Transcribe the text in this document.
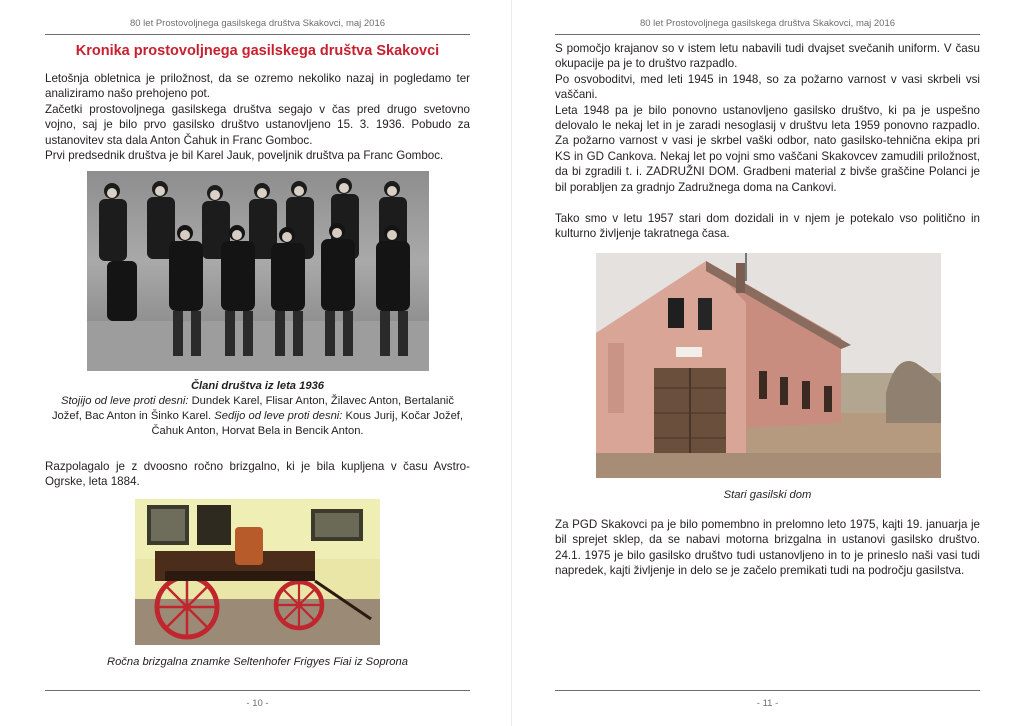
80 let Prostovoljnega gasilskega društva Skakovci, maj 2016
Kronika prostovoljnega gasilskega društva Skakovci

Letošnja obletnica je priložnost, da se ozremo nekoliko nazaj in pogledamo ter analiziramo našo prehojeno pot.

Začetki prostovoljnega gasilskega društva segajo v čas pred drugo svetovno vojno, saj je bilo prvo gasilsko društvo ustanovljeno 15. 3. 1936. Pobudo za ustanovitev sta dala Anton Čahuk in Franc Gomboc.

Prvi predsednik društva je bil Karel Jauk, poveljnik društva pa Franc Gomboc.

Člani društva iz leta 1936
Stojijo od leve proti desni: Dundek Karel, Flisar Anton, Žilavec Anton, Bertalanič Jožef, Bac Anton in Šinko Karel. Sedijo od leve proti desni: Kous Jurij, Kočar Jožef, Čahuk Anton, Horvat Bela in Bencik Anton.
Razpolagalo je z dvoosno ročno brizgalno, ki je bila kupljena v času Avstro-Ogrske, leta 1884.
Ročna brizgalna znamke Seltenhofer Frigyes Fiai iz Soprona
- 10 -
80 let Prostovoljnega gasilskega društva Skakovci, maj 2016

S pomočjo krajanov so v istem letu nabavili tudi dvajset svečanih uniform. V času okupacije pa je to društvo razpadlo.

Po osvoboditvi, med leti 1945 in 1948, so za požarno varnost v vasi skrbeli vsi vaščani.

Leta 1948 pa je bilo ponovno ustanovljeno gasilsko društvo, ki pa je uspešno delovalo le nekaj let in je zaradi nesoglasij v društvu leta 1959 ponovno razpadlo. Za požarno varnost v vasi je skrbel vaški odbor, nato gasilsko-tehnična ekipa pri KS in GD Cankova. Nekaj let po vojni smo vaščani Skakovcev zamudili priložnost, da bi zgradili t. i. ZADRUŽNI DOM. Gradbeni material z bivše graščine Polanci je bil porabljen za gradnjo Zadružnega doma na Cankovi.

Tako smo v letu 1957 stari dom dozidali in v njem je potekalo vso politično in kulturno življenje takratnega časa.
Stari gasilski dom
Za PGD Skakovci pa je bilo pomembno in prelomno leto 1975, kajti 19. januarja je bil sprejet sklep, da se nabavi motorna brizgalna in ustanovi gasilsko društvo. 24.1. 1975 je bilo gasilsko društvo tudi ustanovljeno in to je prineslo naši vasi tudi napredek, kajti življenje in delo se je začelo premikati tudi na področju gasilstva.
- 11 -
